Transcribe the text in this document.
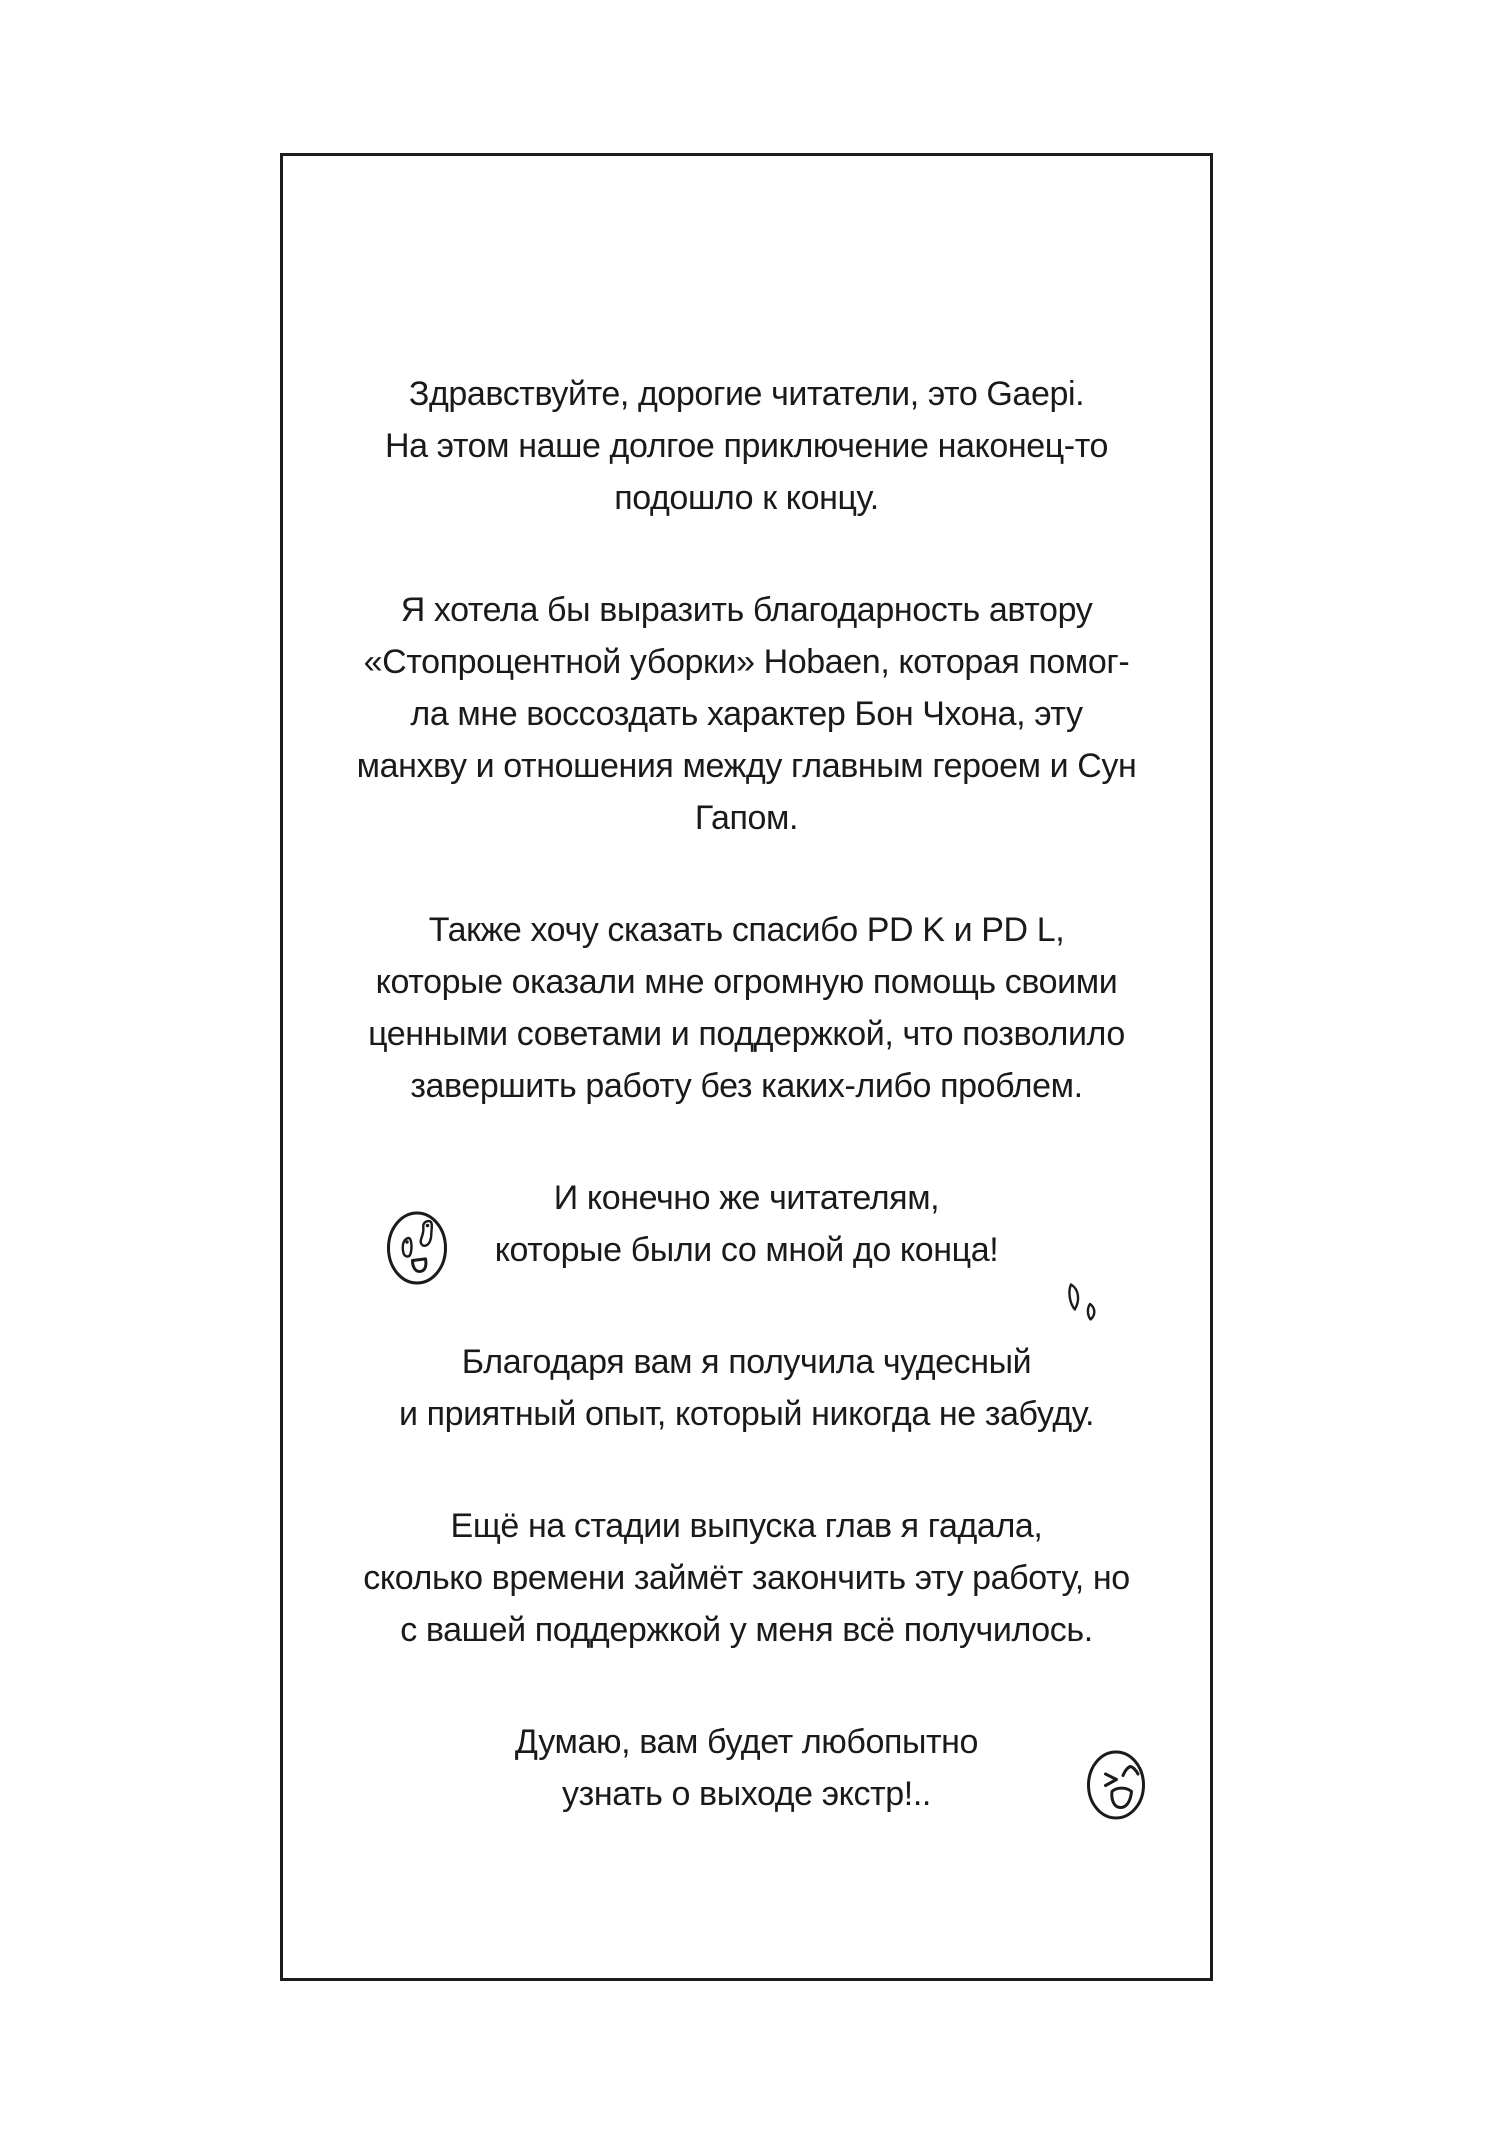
Здравствуйте, дорогие читатели, это Gaepi.
На этом наше долгое приключение наконец-то
подошло к концу.
Я хотела бы выразить благодарность автору
«Стопроцентной уборки» Hobaen, которая помог-
ла мне воссоздать характер Бон Чхона, эту
манхву и отношения между главным героем и Сун
Гапом.
Также хочу сказать спасибо PD K и PD L,
которые оказали мне огромную помощь своими
ценными советами и поддержкой, что позволило
завершить работу без каких-либо проблем.
И конечно же читателям,
которые были со мной до конца!
Благодаря вам я получила чудесный
и приятный опыт, который никогда не забуду.
Ещё на стадии выпуска глав я гадала,
сколько времени займёт закончить эту работу, но
с вашей поддержкой у меня всё получилось.
Думаю, вам будет любопытно
узнать о выходе экстр!..
